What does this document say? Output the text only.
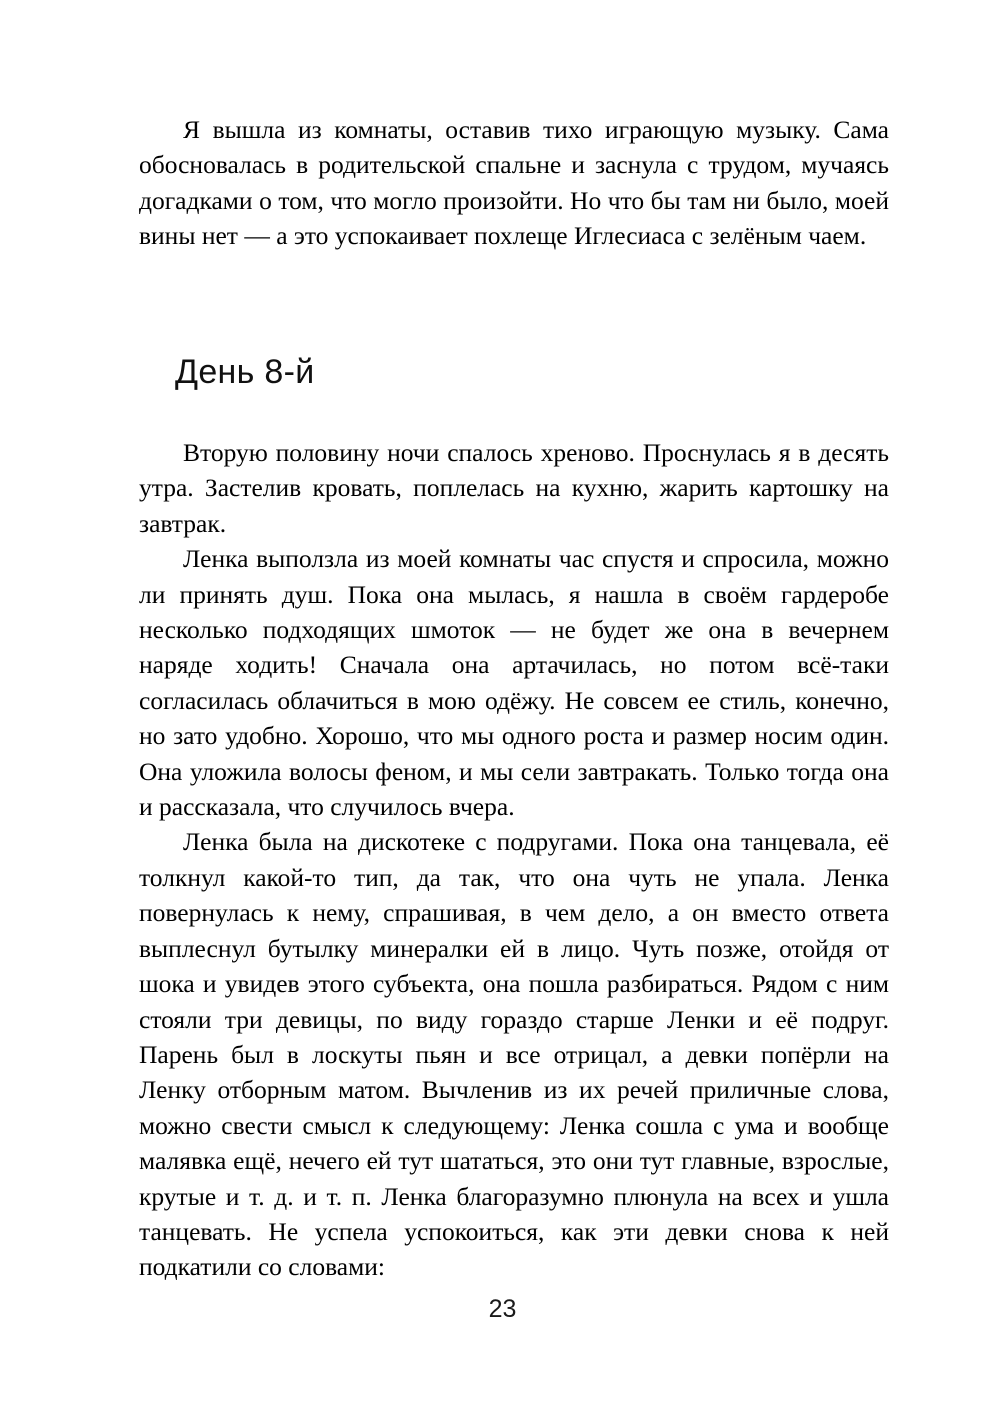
Я вышла из комнаты, оставив тихо играющую музыку. Сама обосновалась в родительской спальне и заснула с трудом, мучаясь догадками о том, что могло произойти. Но что бы там ни было, моей вины нет — а это успокаивает похлеще Иглесиаса с зелёным чаем.

День 8-й

Вторую половину ночи спалось хреново. Проснулась я в десять утра. Застелив кровать, поплелась на кухню, жарить картошку на завтрак.

Ленка выползла из моей комнаты час спустя и спросила, можно ли принять душ. Пока она мылась, я нашла в своём гардеробе несколько подходящих шмоток — не будет же она в вечернем наряде ходить! Сначала она артачилась, но потом всё-таки согласилась облачиться в мою одёжу. Не совсем ее стиль, конечно, но зато удобно. Хорошо, что мы одного роста и размер носим один. Она уложила волосы феном, и мы сели завтракать. Только тогда она и рассказала, что случилось вчера.

Ленка была на дискотеке с подругами. Пока она танцевала, её толкнул какой-то тип, да так, что она чуть не упала. Ленка повернулась к нему, спрашивая, в чем дело, а он вместо ответа выплеснул бутылку минералки ей в лицо. Чуть позже, отойдя от шока и увидев этого субъекта, она пошла разбираться. Рядом с ним стояли три девицы, по виду гораздо старше Ленки и её подруг. Парень был в лоскуты пьян и все отрицал, а девки попёрли на Ленку отборным матом. Вычленив из их речей приличные слова, можно свести смысл к следующему: Ленка сошла с ума и вообще малявка ещё, нечего ей тут шататься, это они тут главные, взрослые, крутые и т. д. и т. п. Ленка благоразумно плюнула на всех и ушла танцевать. Не успела успокоиться, как эти девки снова к ней подкатили со словами:

23
